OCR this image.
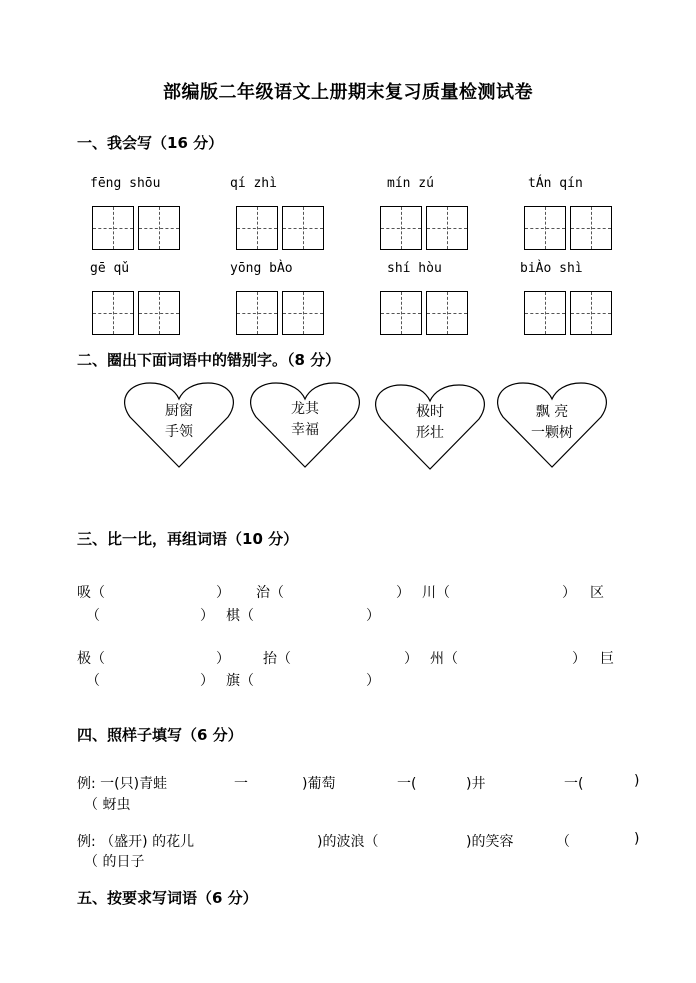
部编版二年级语文上册期末复习质量检测试卷
一、我会写（16 分）
fēng shōu	qí zhì	mín zú	tÁn qín
gē qǔ	yōng bÀo	shí hòu	biÀo shì
二、圈出下面词语中的错别字。（8 分）
厨窗
手领
龙其
幸福
极时
形壮
飘 亮
一颗树
三、比一比，再组词语（10 分）
吸（	） 治（	） 川（	） 区
（	） 棋（	）
极（	） 抬（	） 州（	） 巨
（	） 旗（	）
四、照样子填写（6 分）
例: 一(只)青蛙	一	)葡萄	一(	)井	一(	)
（ 蚜虫
例: （盛开) 的花儿	)的波浪（	)的笑容	（	)
（ 的日子
五、按要求写词语（6 分）
